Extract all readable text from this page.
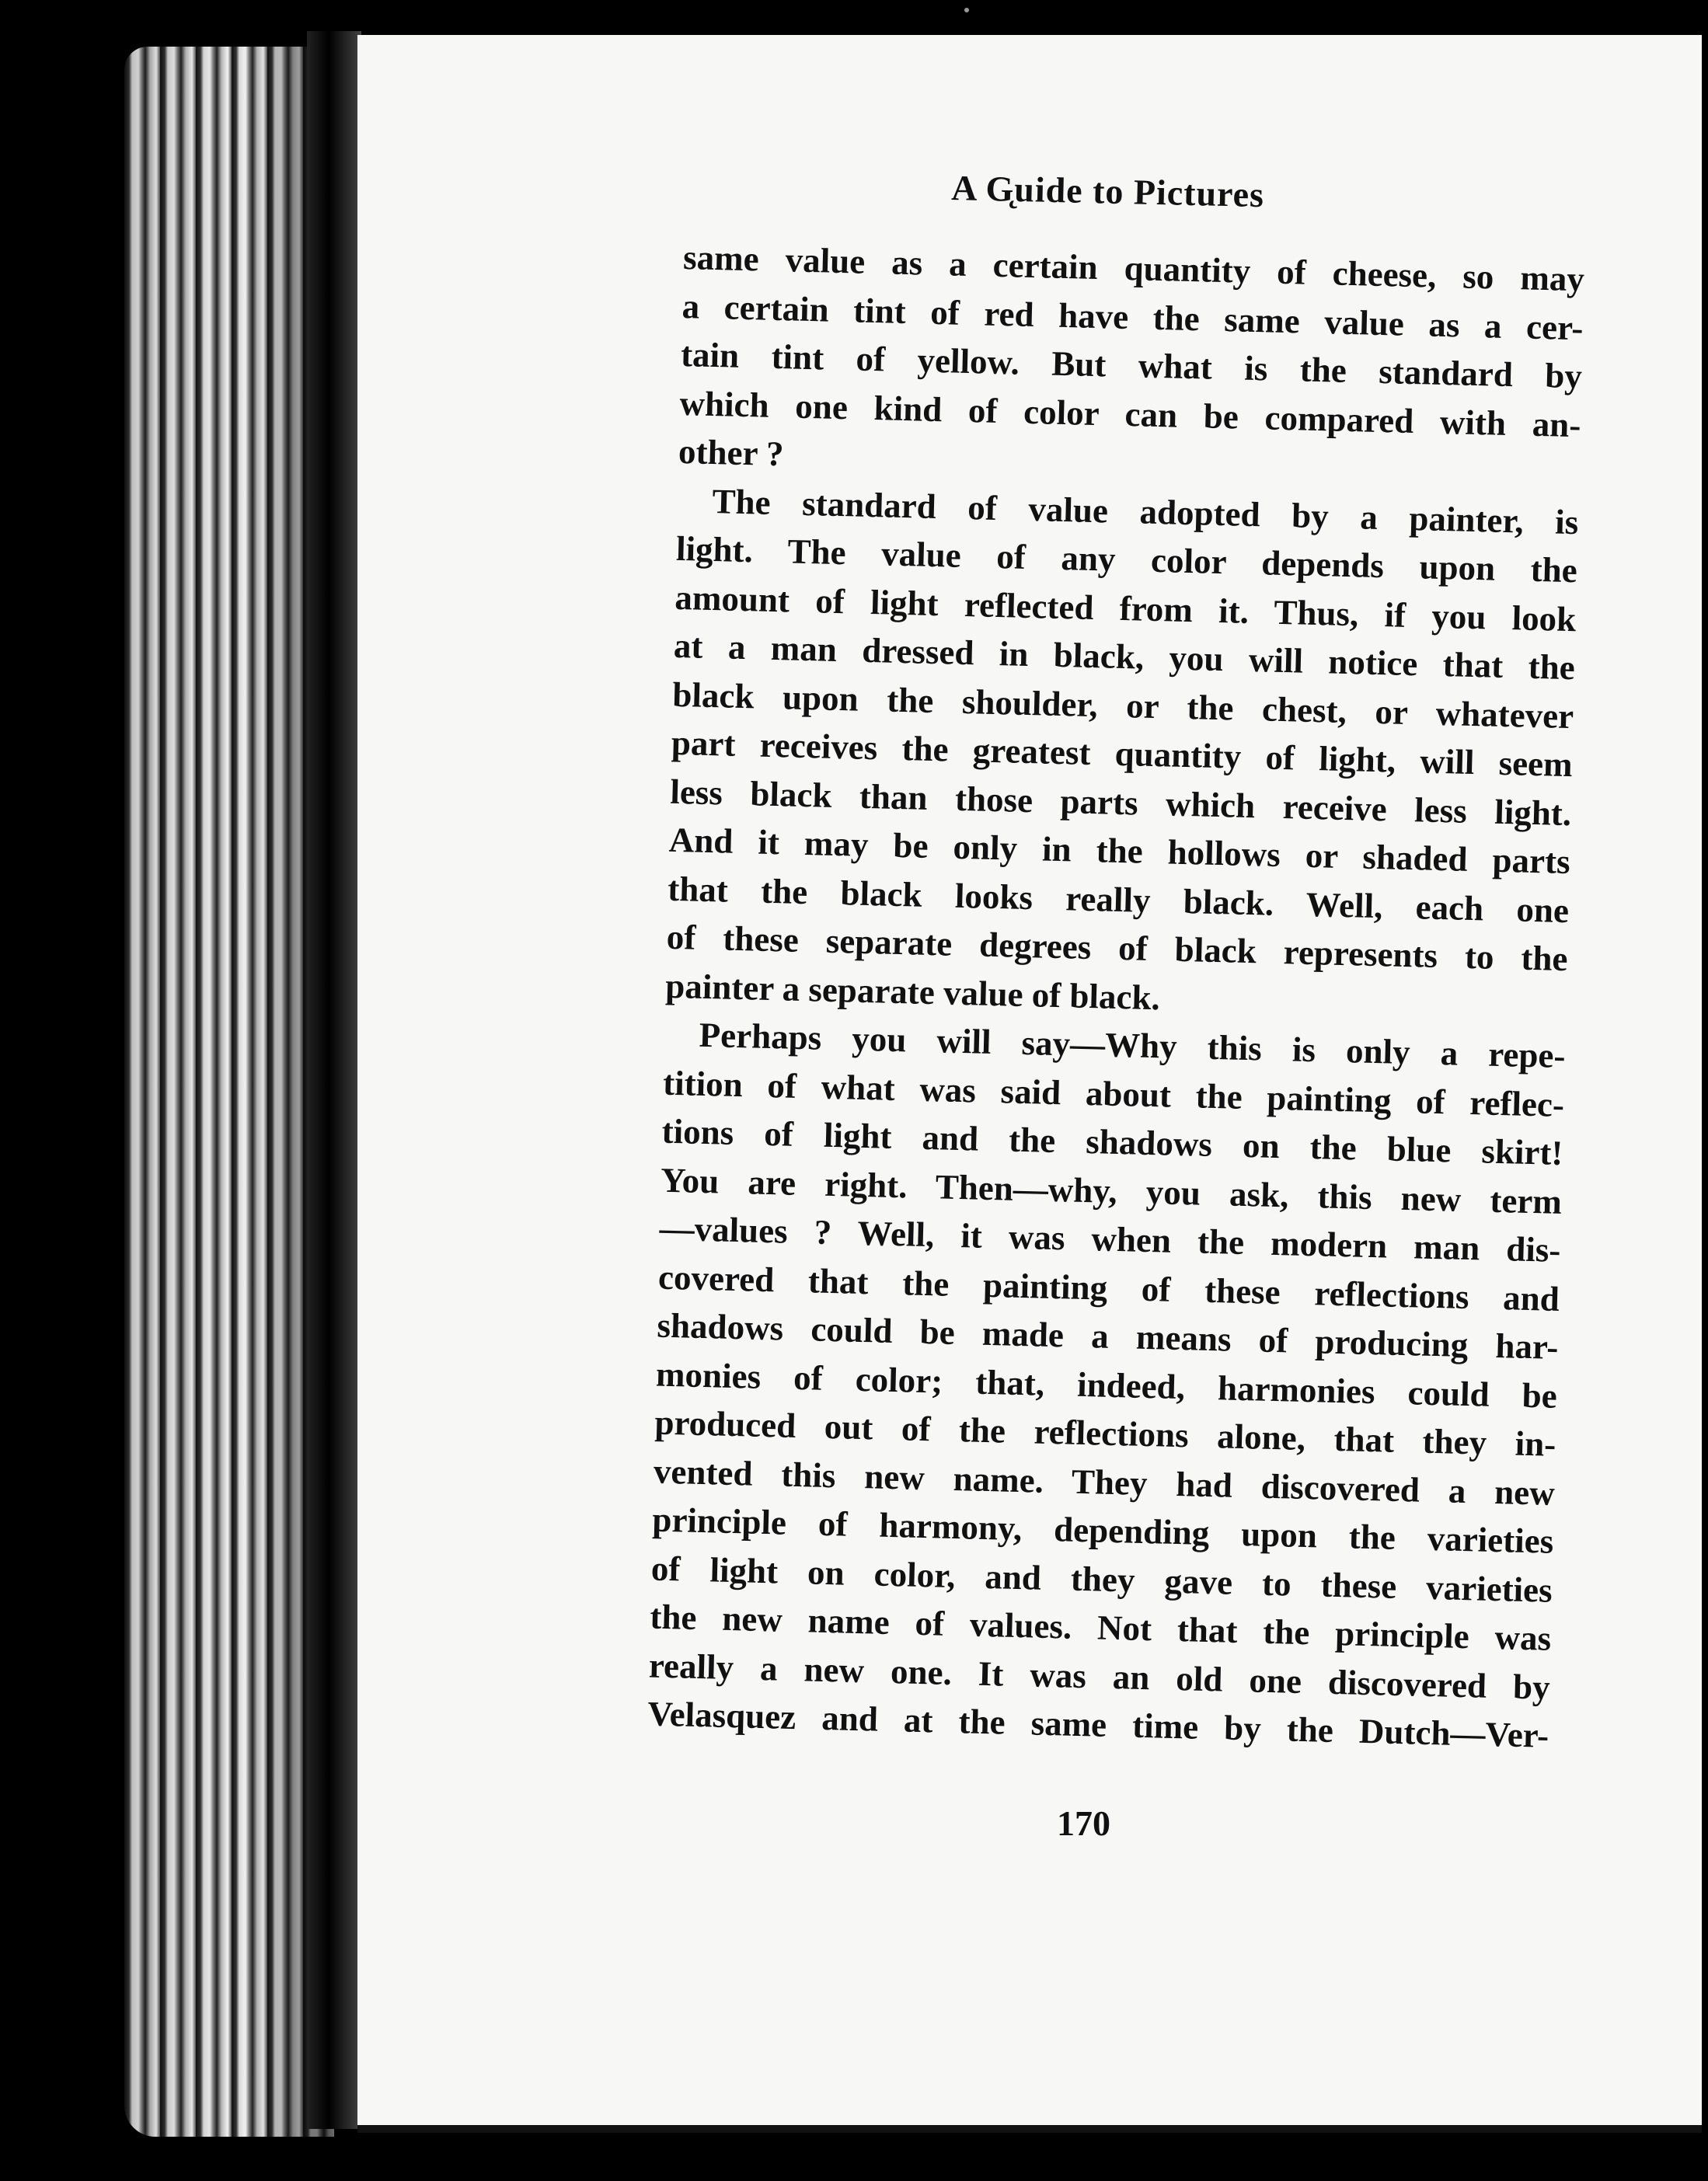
A G̨uide to Pictures
same value as a certain quantity of cheese, so may
a certain tint of red have the same value as a cer-
tain tint of yellow. But what is the standard by
which one kind of color can be compared with an-
other ?
The standard of value adopted by a painter, is
light. The value of any color depends upon the
amount of light reflected from it. Thus, if you look
at a man dressed in black, you will notice that the
black upon the shoulder, or the chest, or whatever
part receives the greatest quantity of light, will seem
less black than those parts which receive less light.
And it may be only in the hollows or shaded parts
that the black looks really black. Well, each one
of these separate degrees of black represents to the
painter a separate value of black.
Perhaps you will say—Why this is only a repe-
tition of what was said about the painting of reflec-
tions of light and the shadows on the blue skirt!
You are right. Then—why, you ask, this new term
—values ? Well, it was when the modern man dis-
covered that the painting of these reflections and
shadows could be made a means of producing har-
monies of color; that, indeed, harmonies could be
produced out of the reflections alone, that they in-
vented this new name. They had discovered a new
principle of harmony, depending upon the varieties
of light on color, and they gave to these varieties
the new name of values. Not that the principle was
really a new one. It was an old one discovered by
Velasquez and at the same time by the Dutch—Ver-
170
